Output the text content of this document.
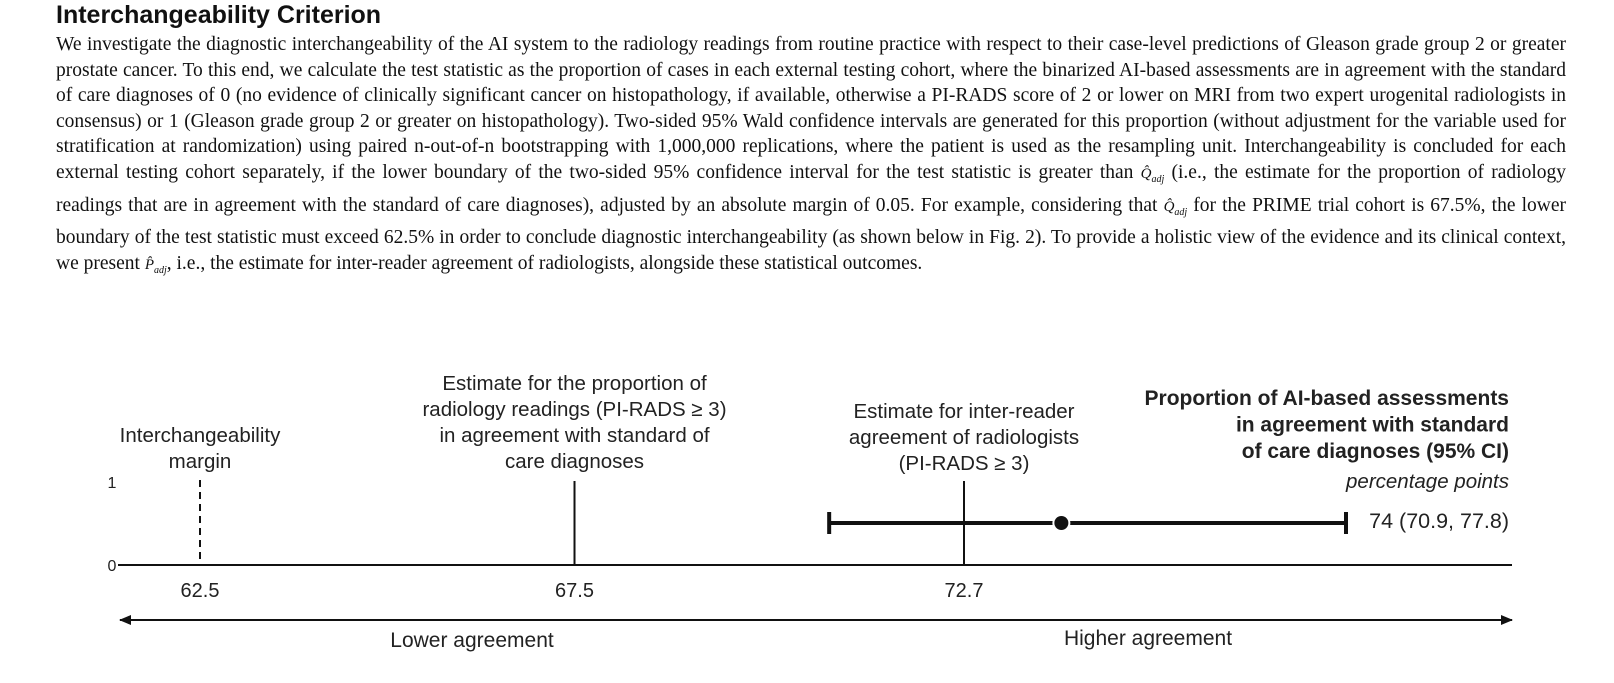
Interchangeability Criterion
We investigate the diagnostic interchangeability of the AI system to the radiology readings from routine practice with respect to their case-level predictions of Gleason grade group 2 or greater prostate cancer. To this end, we calculate the test statistic as the proportion of cases in each external testing cohort, where the binarized AI-based assessments are in agreement with the standard of care diagnoses of 0 (no evidence of clinically significant cancer on histopathology, if available, otherwise a PI-RADS score of 2 or lower on MRI from two expert urogenital radiologists in consensus) or 1 (Gleason grade group 2 or greater on histopathology). Two-sided 95% Wald confidence intervals are generated for this proportion (without adjustment for the variable used for stratification at randomization) using paired n-out-of-n bootstrapping with 1,000,000 replications, where the patient is used as the resampling unit. Interchangeability is concluded for each external testing cohort separately, if the lower boundary of the two-sided 95% confidence interval for the test statistic is greater than $Q̂_{adj}$ (i.e., the estimate for the proportion of radiology readings that are in agreement with the standard of care diagnoses), adjusted by an absolute margin of 0.05. For example, considering that $Q̂_{adj}$ for the PRIME trial cohort is 67.5%, the lower boundary of the test statistic must exceed 62.5% in order to conclude diagnostic interchangeability (as shown below in Fig. 2). To provide a holistic view of the evidence and its clinical context, we present $P̂_{adj}$, i.e., the estimate for inter-reader agreement of radiologists, alongside these statistical outcomes.
0
1
62.5	67.5	72.7
Interchangeability
margin
Estimate for the proportion of
radiology readings (PI-RADS ≥ 3)
in agreement with standard of
care diagnoses
Estimate for inter-reader
agreement of radiologists
(PI-RADS ≥ 3)
Proportion of AI-based assessments
in agreement with standard
of care diagnoses (95% CI)
percentage points
74 (70.9, 77.8)
Lower agreement	Higher agreement
